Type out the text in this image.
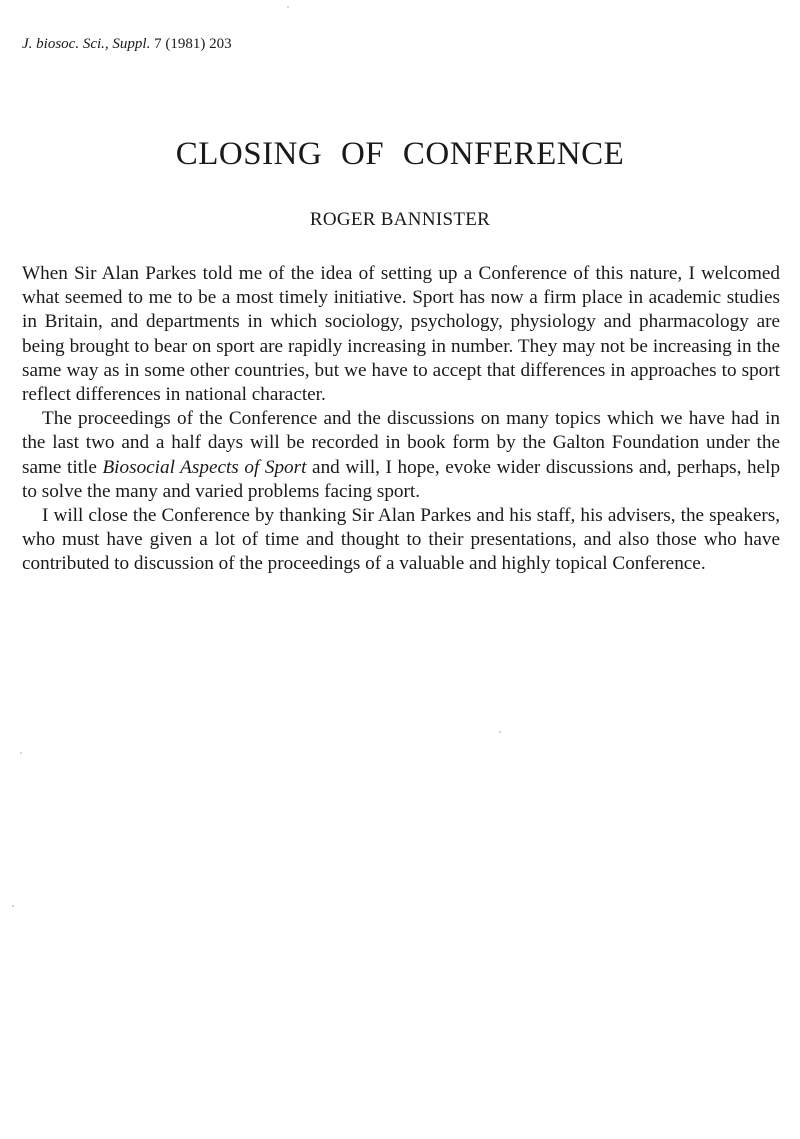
J. biosoc. Sci., Suppl. 7 (1981) 203
CLOSING OF CONFERENCE
ROGER BANNISTER

When Sir Alan Parkes told me of the idea of setting up a Conference of this nature, I welcomed what seemed to me to be a most timely initiative. Sport has now a firm place in academic studies in Britain, and departments in which sociology, psychology, physiology and pharmacology are being brought to bear on sport are rapidly increasing in number. They may not be increasing in the same way as in some other countries, but we have to accept that differences in approaches to sport reflect differences in national character.

The proceedings of the Conference and the discussions on many topics which we have had in the last two and a half days will be recorded in book form by the Galton Foundation under the same title Biosocial Aspects of Sport and will, I hope, evoke wider discussions and, perhaps, help to solve the many and varied problems facing sport.

I will close the Conference by thanking Sir Alan Parkes and his staff, his advisers, the speakers, who must have given a lot of time and thought to their presentations, and also those who have contributed to discussion of the proceedings of a valuable and highly topical Conference.
